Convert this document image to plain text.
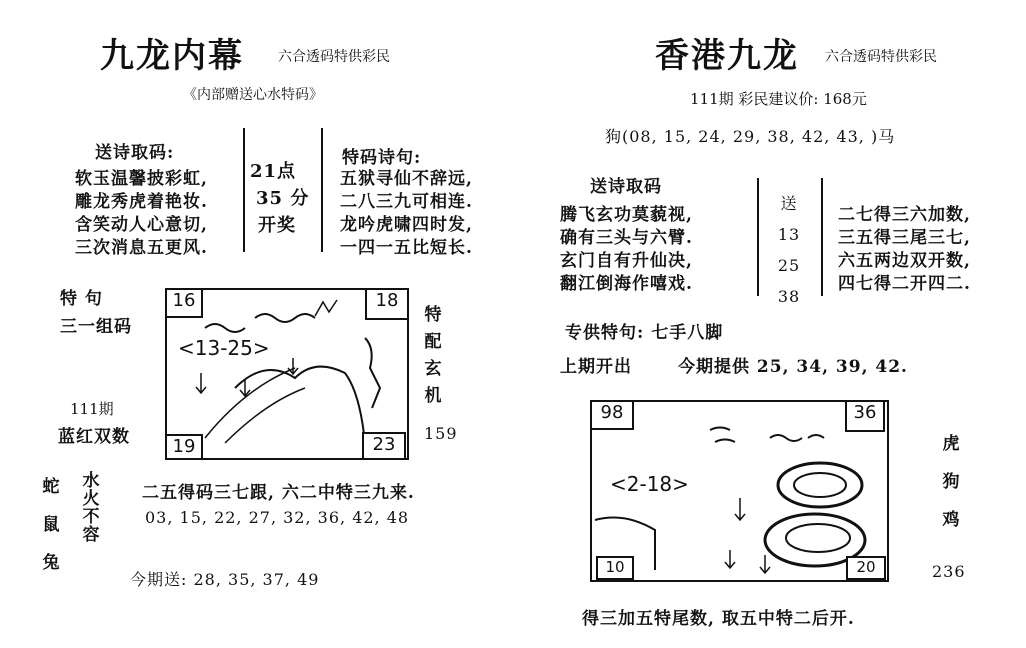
九龙内幕 六合透码特供彩民
《内部赠送心水特码》
送诗取码:
软玉温馨披彩虹,
雕龙秀虎着艳妆.
含笑动人心意切,
三次消息五更风.
21点
35 分
开奖
特码诗句:
五狱寻仙不辞远,
二八三九可相连.
龙吟虎啸四时发,
一四一五比短长.
特 句
三一组码
111期
蓝红双数
<13-25>
16	18
19	23
特
配
玄
机
159
蛇
鼠
兔
水
火
不
容
二五得码三七跟, 六二中特三九来.
03, 15, 22, 27, 32, 36, 42, 48
今期送: 28, 35, 37, 49
香港九龙 六合透码特供彩民
111期 彩民建议价: 168元
狗(08, 15, 24, 29, 38, 42, 43, )马
送诗取码
腾飞玄功莫藐视,
确有三头与六臂.
玄门自有升仙决,
翻江倒海作嘻戏.
送
13
25
38
二七得三六加数,
三五得三尾三七,
六五两边双开数,
四七得二开四二.
专供特句: 七手八脚
上期开出	今期提供 25, 34, 39, 42.
<2-18>
98	36
10	20
虎
狗
鸡
236
得三加五特尾数, 取五中特二后开.
